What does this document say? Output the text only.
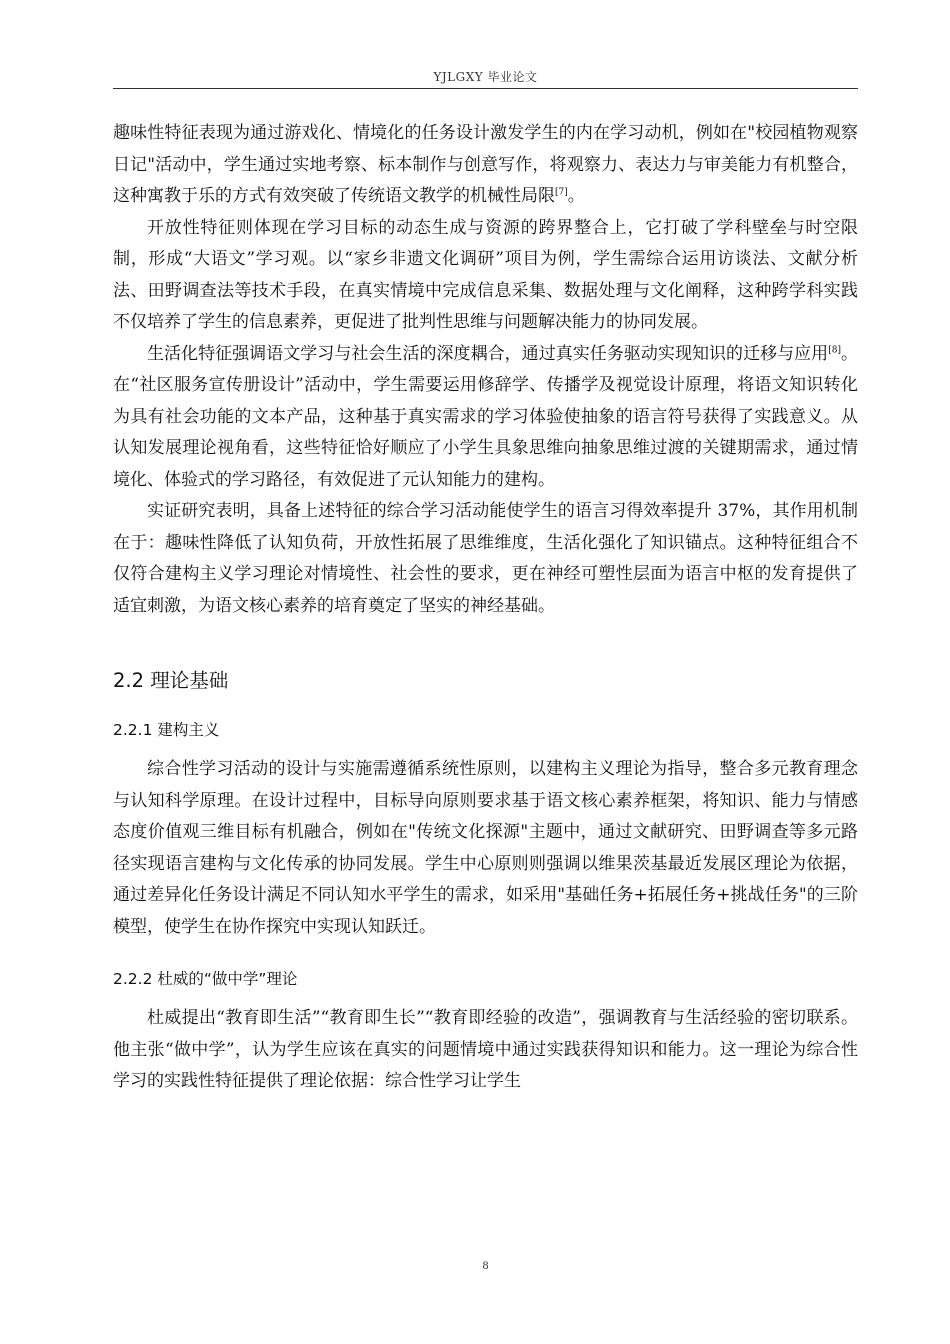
YJLGXY 毕业论文

趣味性特征表现为通过游戏化、情境化的任务设计激发学生的内在学习动机，例如在"校园植物观察日记"活动中，学生通过实地考察、标本制作与创意写作，将观察力、表达力与审美能力有机整合，这种寓教于乐的方式有效突破了传统语文教学的机械性局限[7]。

开放性特征则体现在学习目标的动态生成与资源的跨界整合上，它打破了学科壁垒与时空限制，形成“大语文”学习观。以“家乡非遗文化调研”项目为例，学生需综合运用访谈法、文献分析法、田野调查法等技术手段，在真实情境中完成信息采集、数据处理与文化阐释，这种跨学科实践不仅培养了学生的信息素养，更促进了批判性思维与问题解决能力的协同发展。

生活化特征强调语文学习与社会生活的深度耦合，通过真实任务驱动实现知识的迁移与应用[8]。在“社区服务宣传册设计”活动中，学生需要运用修辞学、传播学及视觉设计原理，将语文知识转化为具有社会功能的文本产品，这种基于真实需求的学习体验使抽象的语言符号获得了实践意义。从认知发展理论视角看，这些特征恰好顺应了小学生具象思维向抽象思维过渡的关键期需求，通过情境化、体验式的学习路径，有效促进了元认知能力的建构。

实证研究表明，具备上述特征的综合学习活动能使学生的语言习得效率提升 37%，其作用机制在于：趣味性降低了认知负荷，开放性拓展了思维维度，生活化强化了知识锚点。这种特征组合不仅符合建构主义学习理论对情境性、社会性的要求，更在神经可塑性层面为语言中枢的发育提供了适宜刺激，为语文核心素养的培育奠定了坚实的神经基础。

2.2 理论基础
2.2.1 建构主义

综合性学习活动的设计与实施需遵循系统性原则，以建构主义理论为指导，整合多元教育理念与认知科学原理。在设计过程中，目标导向原则要求基于语文核心素养框架，将知识、能力与情感态度价值观三维目标有机融合，例如在"传统文化探源"主题中，通过文献研究、田野调查等多元路径实现语言建构与文化传承的协同发展。学生中心原则则强调以维果茨基最近发展区理论为依据，通过差异化任务设计满足不同认知水平学生的需求，如采用"基础任务+拓展任务+挑战任务"的三阶模型，使学生在协作探究中实现认知跃迁。

2.2.2 杜威的“做中学”理论

杜威提出“教育即生活”“教育即生长”“教育即经验的改造”，强调教育与生活经验的密切联系。他主张“做中学”，认为学生应该在真实的问题情境中通过实践获得知识和能力。这一理论为综合性学习的实践性特征提供了理论依据：综合性学习让学生

8
